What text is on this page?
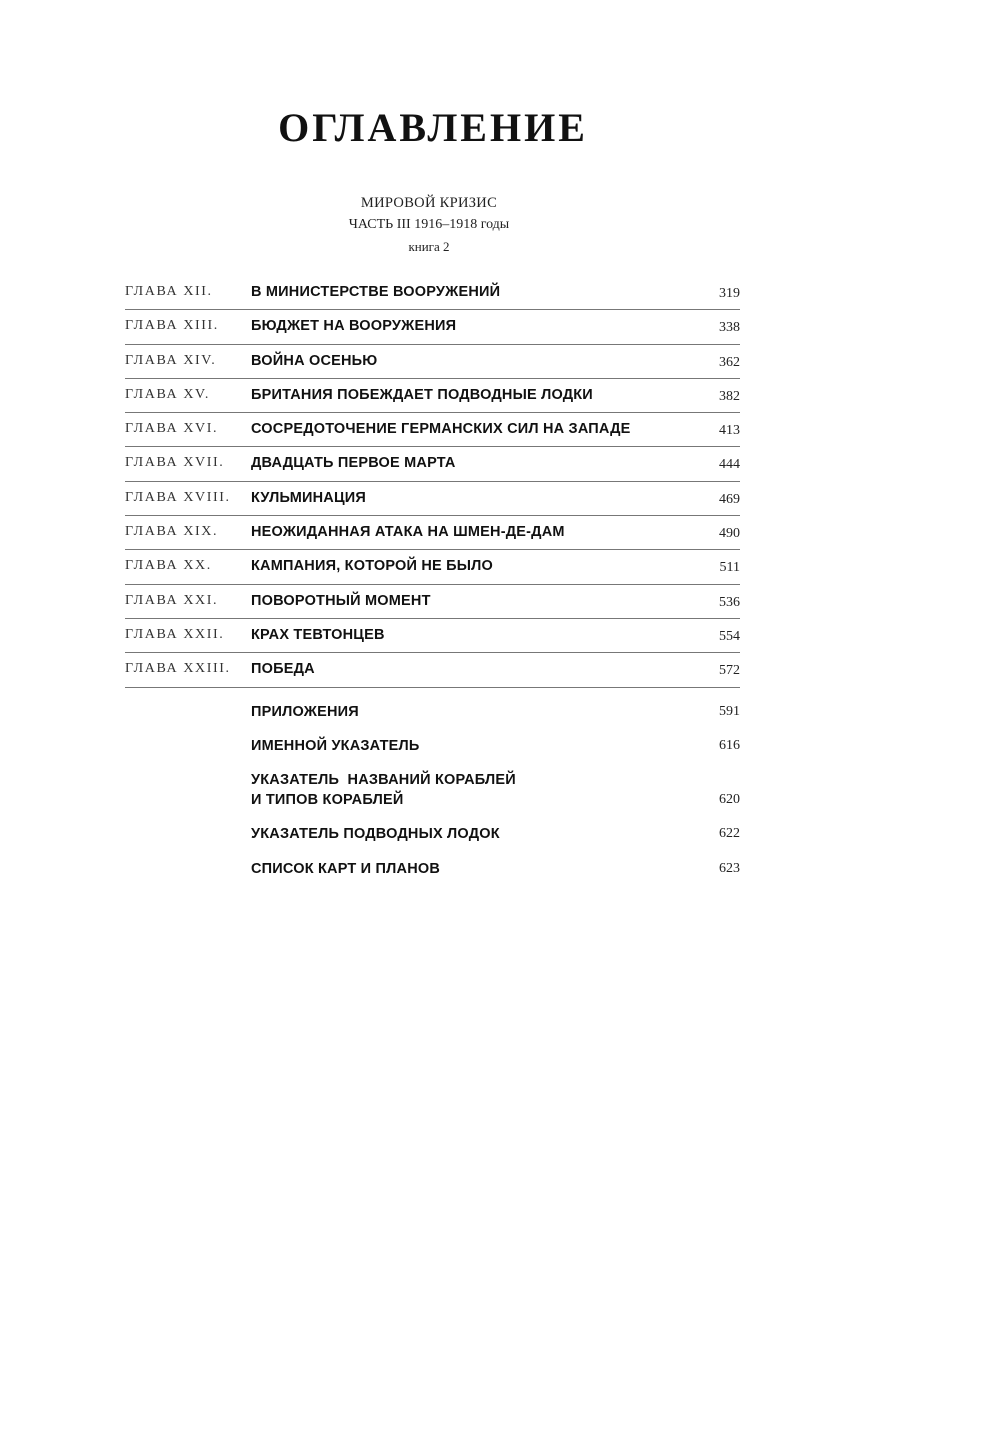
ОГЛАВЛЕНИЕ
МИРОВОЙ КРИЗИС
ЧАСТЬ III 1916–1918 годы
книга 2
ГЛАВА XII.	В МИНИСТЕРСТВЕ ВООРУЖЕНИЙ	319
ГЛАВА XIII. БЮДЖЕТ НА ВООРУЖЕНИЯ	338
ГЛАВА XIV. ВОЙНА ОСЕНЬЮ	362
ГЛАВА XV.	БРИТАНИЯ ПОБЕЖДАЕТ ПОДВОДНЫЕ ЛОДКИ	382
ГЛАВА XVI. СОСРЕДОТОЧЕНИЕ ГЕРМАНСКИХ СИЛ НА ЗАПАДЕ	413
ГЛАВА XVII. ДВАДЦАТЬ ПЕРВОЕ МАРТА	444
ГЛАВА XVIII. КУЛЬМИНАЦИЯ	469
ГЛАВА XIX. НЕОЖИДАННАЯ АТАКА НА ШМЕН-ДЕ-ДАМ	490
ГЛАВА XX.	КАМПАНИЯ, КОТОРОЙ НЕ БЫЛО	511
ГЛАВА XXI. ПОВОРОТНЫЙ МОМЕНТ	536
ГЛАВА XXII. КРАХ ТЕВТОНЦЕВ	554
ГЛАВА XXIII. ПОБЕДА	572
ПРИЛОЖЕНИЯ	591
ИМЕННОЙ УКАЗАТЕЛЬ	616
УКАЗАТЕЛЬ  НАЗВАНИЙ КОРАБЛЕЙ
И ТИПОВ КОРАБЛЕЙ	620
УКАЗАТЕЛЬ ПОДВОДНЫХ ЛОДОК	622
СПИСОК КАРТ И ПЛАНОВ	623
